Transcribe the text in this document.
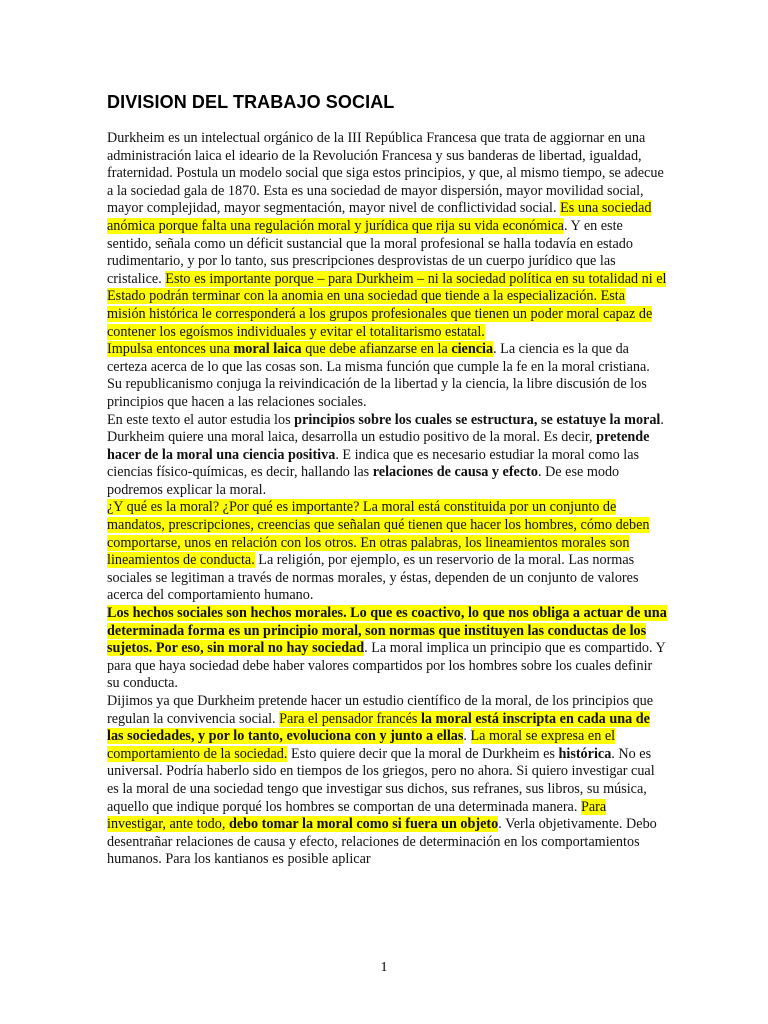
DIVISION DEL TRABAJO SOCIAL

Durkheim es un intelectual orgánico de la III República Francesa que trata de aggiornar en una administración laica el ideario de la Revolución Francesa y sus banderas de libertad, igualdad, fraternidad. Postula un modelo social que siga estos principios, y que, al mismo tiempo, se adecue a la sociedad gala de 1870. Esta es una sociedad de mayor dispersión, mayor movilidad social, mayor complejidad, mayor segmentación, mayor nivel de conflictividad social. Es una sociedad anómica porque falta una regulación moral y jurídica que rija su vida económica. Y en este sentido, señala como un déficit sustancial que la moral profesional se halla todavía en estado rudimentario, y por lo tanto, sus prescripciones desprovistas de un cuerpo jurídico que las cristalice. Esto es importante porque – para Durkheim – ni la sociedad política en su totalidad ni el Estado podrán terminar con la anomia en una sociedad que tiende a la especialización. Esta misión histórica le corresponderá a los grupos profesionales que tienen un poder moral capaz de contener los egoísmos individuales y evitar el totalitarismo estatal.

Impulsa entonces una moral laica que debe afianzarse en la ciencia. La ciencia es la que da certeza acerca de lo que las cosas son. La misma función que cumple la fe en la moral cristiana. Su republicanismo conjuga la reivindicación de la libertad y la ciencia, la libre discusión de los principios que hacen a las relaciones sociales.

En este texto el autor estudia los principios sobre los cuales se estructura, se estatuye la moral. Durkheim quiere una moral laica, desarrolla un estudio positivo de la moral. Es decir, pretende hacer de la moral una ciencia positiva. E indica que es necesario estudiar la moral como las ciencias físico-químicas, es decir, hallando las relaciones de causa y efecto. De ese modo podremos explicar la moral.

¿Y qué es la moral? ¿Por qué es importante? La moral está constituida por un conjunto de mandatos, prescripciones, creencias que señalan qué tienen que hacer los hombres, cómo deben comportarse, unos en relación con los otros. En otras palabras, los lineamientos morales son lineamientos de conducta. La religión, por ejemplo, es un reservorio de la moral. Las normas sociales se legitiman a través de normas morales, y éstas, dependen de un conjunto de valores acerca del comportamiento humano.

Los hechos sociales son hechos morales. Lo que es coactivo, lo que nos obliga a actuar de una determinada forma es un principio moral, son normas que instituyen las conductas de los sujetos. Por eso, sin moral no hay sociedad. La moral implica un principio que es compartido. Y para que haya sociedad debe haber valores compartidos por los hombres sobre los cuales definir su conducta.

Dijimos ya que Durkheim pretende hacer un estudio científico de la moral, de los principios que regulan la convivencia social. Para el pensador francés la moral está inscripta en cada una de las sociedades, y por lo tanto, evoluciona con y junto a ellas. La moral se expresa en el comportamiento de la sociedad. Esto quiere decir que la moral de Durkheim es histórica. No es universal. Podría haberlo sido en tiempos de los griegos, pero no ahora. Si quiero investigar cual es la moral de una sociedad tengo que investigar sus dichos, sus refranes, sus libros, su música, aquello que indique porqué los hombres se comportan de una determinada manera. Para investigar, ante todo, debo tomar la moral como si fuera un objeto. Verla objetivamente. Debo desentrañar relaciones de causa y efecto, relaciones de determinación en los comportamientos humanos. Para los kantianos es posible aplicar

1
